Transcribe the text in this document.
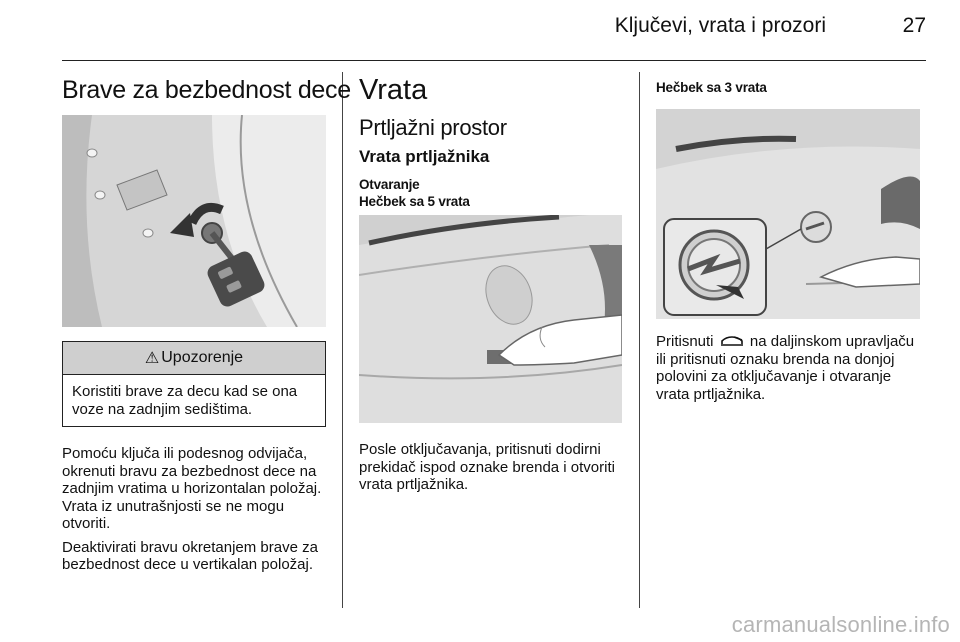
Ključevi, vrata i prozori	27
Brave za bezbednost dece
⚠ Upozorenje
Koristiti brave za decu kad se ona voze na zadnjim sedištima.

Pomoću ključa ili podesnog odvijača, okrenuti bravu za bezbednost dece na zadnjim vratima u horizontalan položaj. Vrata iz unutrašnjosti se ne mogu otvoriti.

Deaktivirati bravu okretanjem brave za bezbednost dece u vertikalan položaj.

Vrata
Prtljažni prostor
Vrata prtljažnika
Otvaranje
Hečbek sa 5 vrata

Posle otključavanja, pritisnuti dodirni prekidač ispod oznake brenda i otvoriti vrata prtljažnika.

Hečbek sa 3 vrata

Pritisnuti na daljinskom upravljaču ili pritisnuti oznaku brenda na donjoj polovini za otključavanje i otvaranje vrata prtljažnika.

carmanualsonline.info
